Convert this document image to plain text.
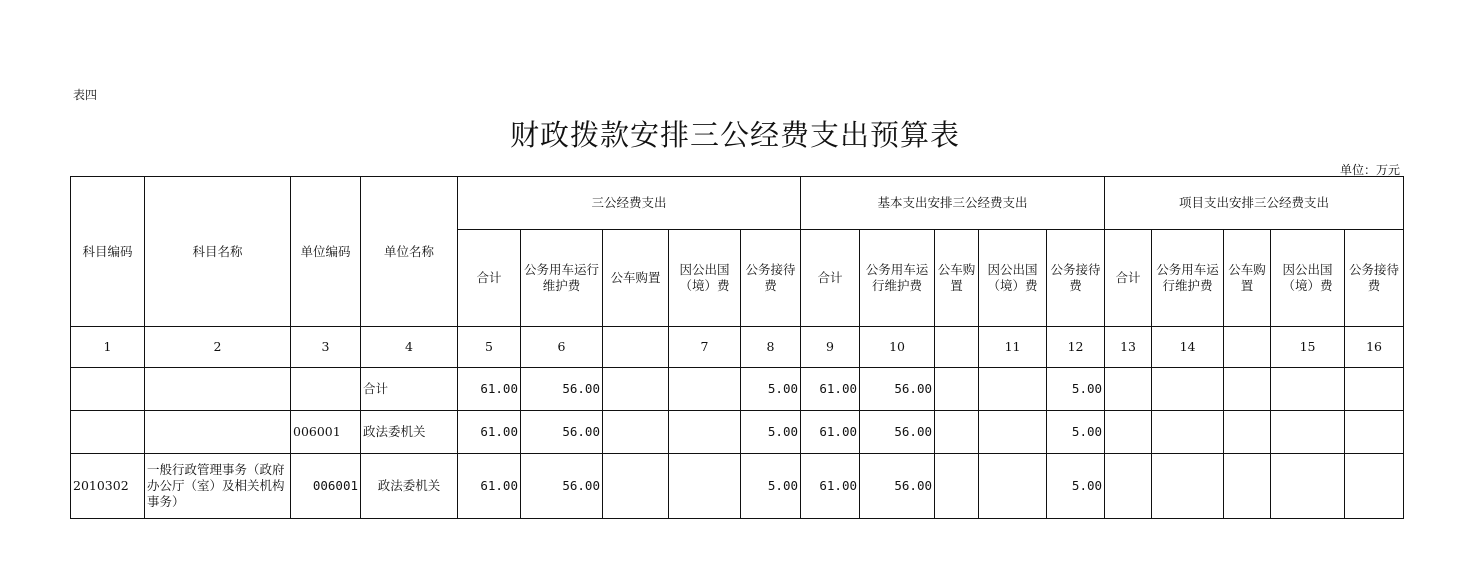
表四
财政拨款安排三公经费支出预算表
单位：万元
科目编码	科目名称	单位编码	单位名称	三公经费支出					基本支出安排三公经费支出					项目支出安排三公经费支出				
				合计	公务用车运行维护费	公车购置	因公出国（境）费	公务接待费	合计	公务用车运行维护费	公车购置	因公出国（境）费	公务接待费	合计	公务用车运行维护费	公车购置	因公出国（境）费	公务接待费
1	2	3	4	5	6		7	8	9	10		11	12	13	14		15	16
			合计	61.00	56.00			5.00	61.00	56.00			5.00					
		006001	政法委机关	61.00	56.00			5.00	61.00	56.00			5.00					
2010302	一般行政管理事务（政府办公厅（室）及相关机构事务）	006001	政法委机关	61.00	56.00			5.00	61.00	56.00			5.00					
